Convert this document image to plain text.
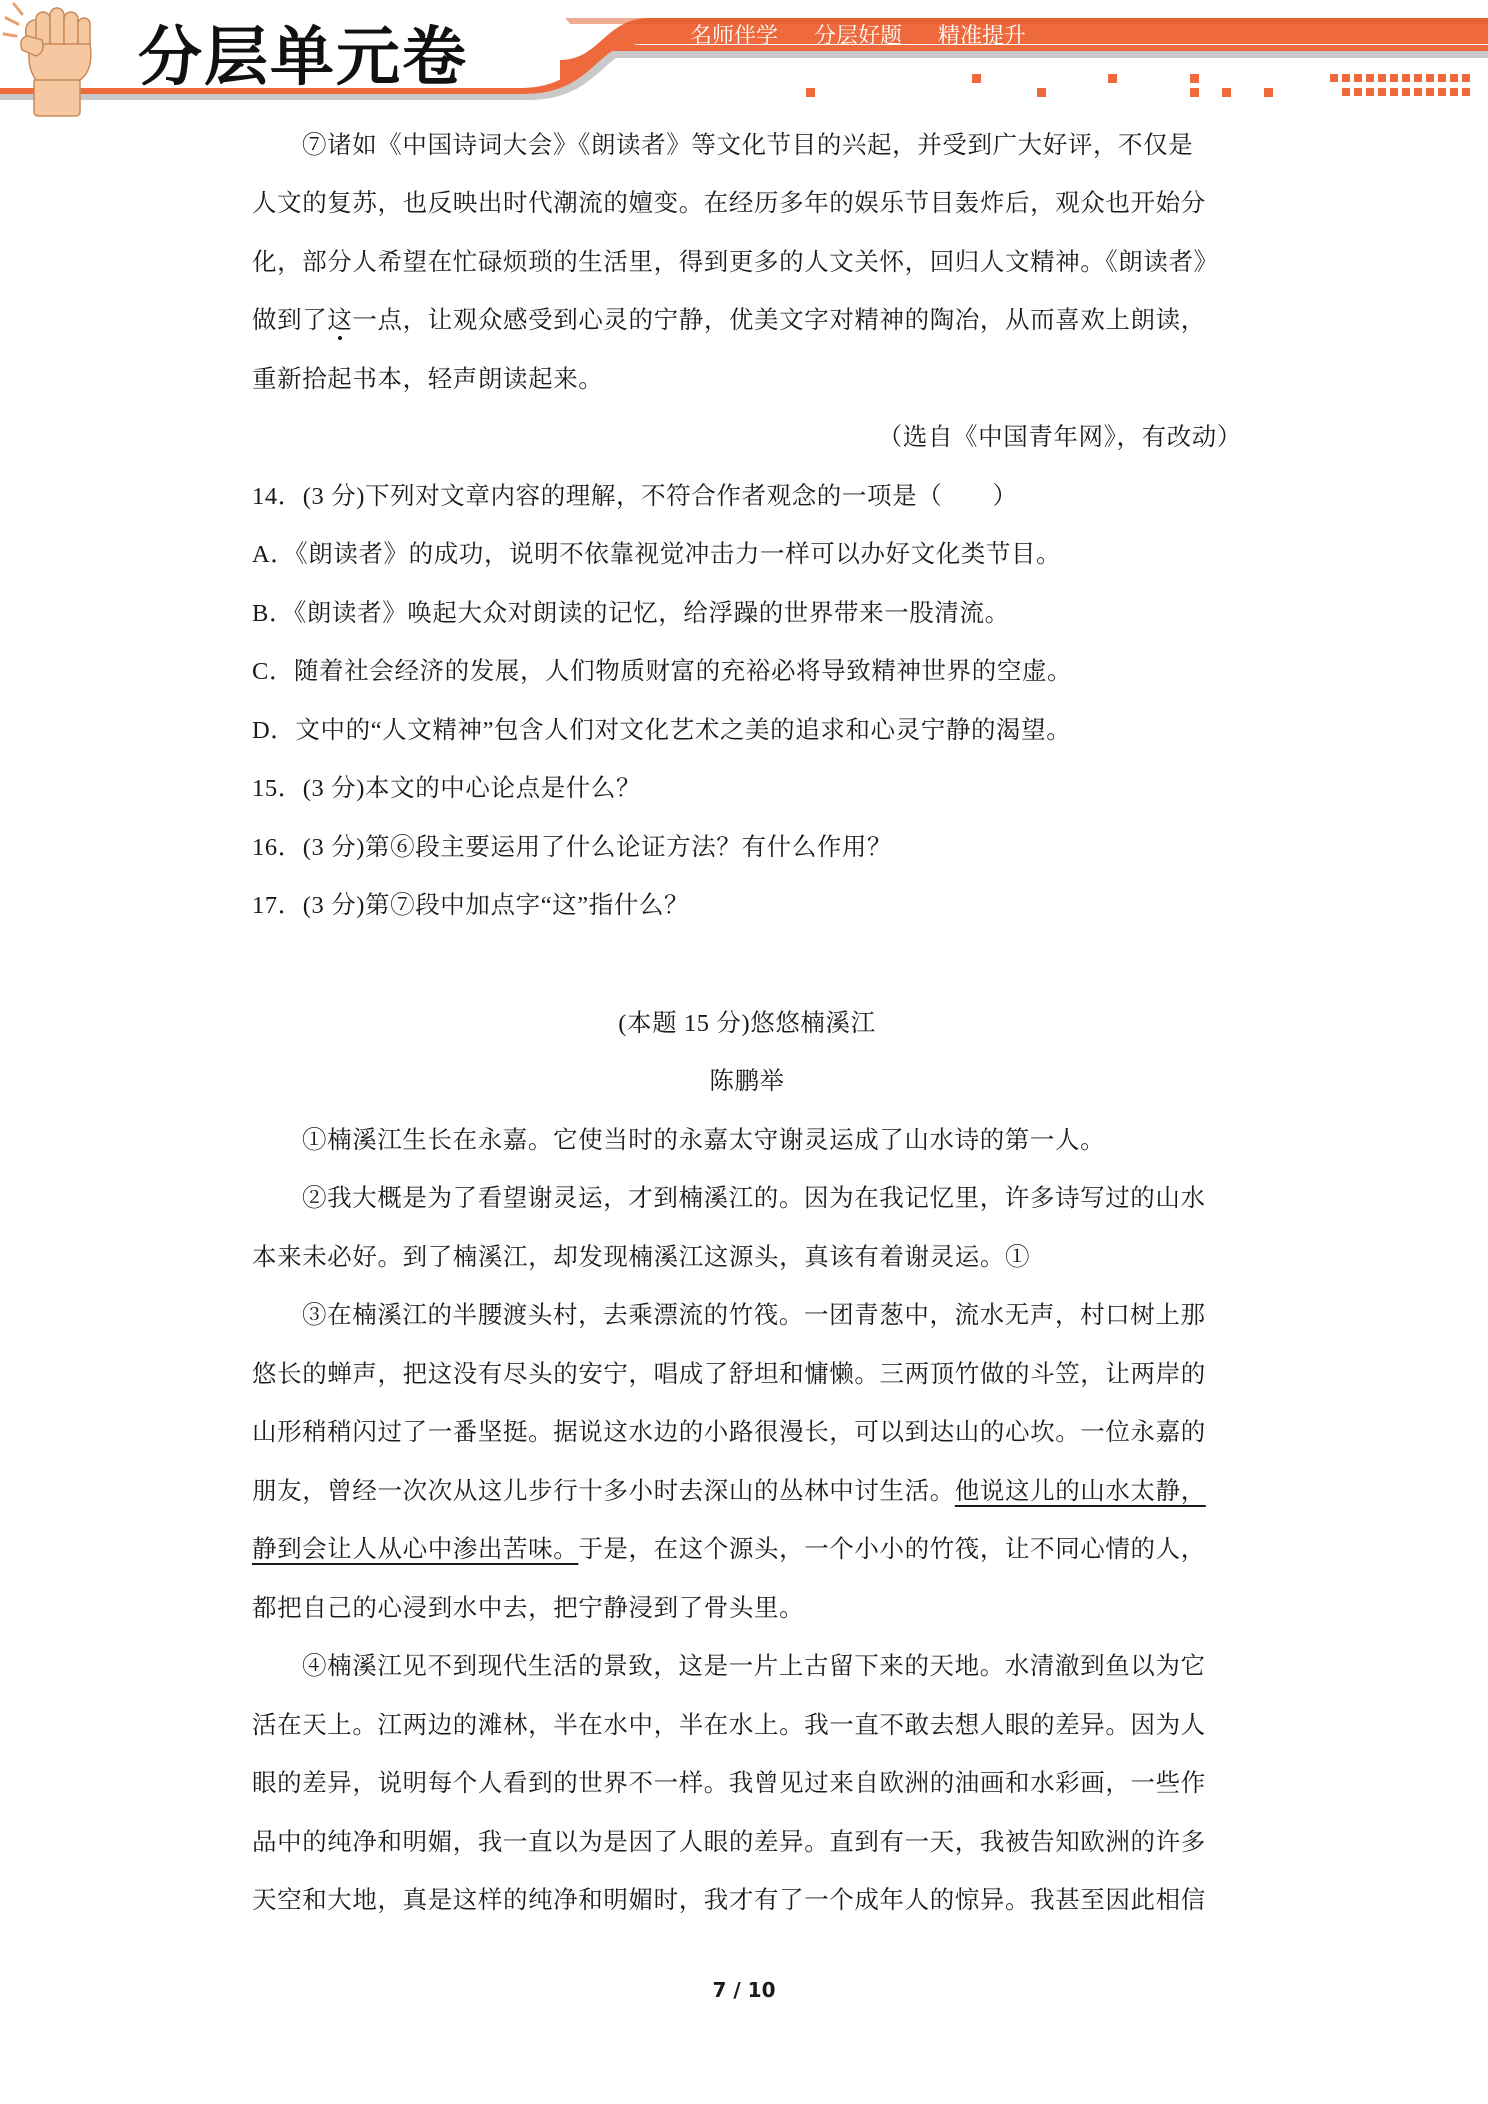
分层单元卷	名师伴学 分层好题 精准提升
⑦诸如《中国诗词大会》《朗读者》等文化节目的兴起，并受到广大好评，不仅是
人文的复苏，也反映出时代潮流的嬗变。在经历多年的娱乐节目轰炸后，观众也开始分
化，部分人希望在忙碌烦琐的生活里，得到更多的人文关怀，回归人文精神。《朗读者》
做到了这一点，让观众感受到心灵的宁静，优美文字对精神的陶冶，从而喜欢上朗读，
重新拾起书本，轻声朗读起来。
（选自《中国青年网》，有改动）
14．(3 分)下列对文章内容的理解，不符合作者观念的一项是（　　）
A．《朗读者》的成功，说明不依靠视觉冲击力一样可以办好文化类节目。
B．《朗读者》唤起大众对朗读的记忆，给浮躁的世界带来一股清流。
C．随着社会经济的发展，人们物质财富的充裕必将导致精神世界的空虚。
D．文中的“人文精神”包含人们对文化艺术之美的追求和心灵宁静的渴望。
15．(3 分)本文的中心论点是什么？
16．(3 分)第⑥段主要运用了什么论证方法？有什么作用？
17．(3 分)第⑦段中加点字“这”指什么？
(本题 15 分)悠悠楠溪江
陈鹏举
①楠溪江生长在永嘉。它使当时的永嘉太守谢灵运成了山水诗的第一人。
②我大概是为了看望谢灵运，才到楠溪江的。因为在我记忆里，许多诗写过的山水
本来未必好。到了楠溪江，却发现楠溪江这源头，真该有着谢灵运。①
③在楠溪江的半腰渡头村，去乘漂流的竹筏。一团青葱中，流水无声，村口树上那
悠长的蝉声，把这没有尽头的安宁，唱成了舒坦和慵懒。三两顶竹做的斗笠，让两岸的
山形稍稍闪过了一番坚挺。据说这水边的小路很漫长，可以到达山的心坎。一位永嘉的
朋友，曾经一次次从这儿步行十多小时去深山的丛林中讨生活。他说这儿的山水太静，
静到会让人从心中渗出苦味。于是，在这个源头，一个小小的竹筏，让不同心情的人，
都把自己的心浸到水中去，把宁静浸到了骨头里。
④楠溪江见不到现代生活的景致，这是一片上古留下来的天地。水清澈到鱼以为它
活在天上。江两边的滩林，半在水中，半在水上。我一直不敢去想人眼的差异。因为人
眼的差异，说明每个人看到的世界不一样。我曾见过来自欧洲的油画和水彩画，一些作
品中的纯净和明媚，我一直以为是因了人眼的差异。直到有一天，我被告知欧洲的许多
天空和大地，真是这样的纯净和明媚时，我才有了一个成年人的惊异。我甚至因此相信
7 / 10
